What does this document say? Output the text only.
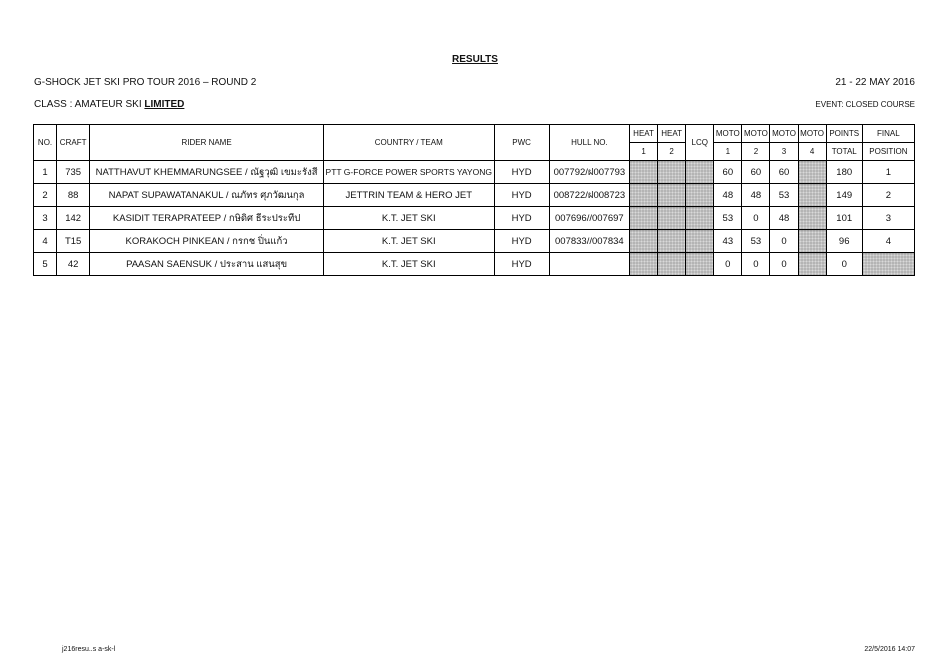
RESULTS
G-SHOCK JET SKI PRO TOUR 2016 – ROUND 2	21 - 22 MAY 2016
CLASS : AMATEUR SKI LIMITED	EVENT: CLOSED COURSE
NO.	CRAFT	RIDER NAME	COUNTRY / TEAM	PWC	HULL NO.	HEAT	HEAT	LCQ	MOTO	MOTO	MOTO	MOTO	POINTS	FINAL
						1	2		1	2	3	4	TOTAL	POSITION
1	735	NATTHAVUT KHEMMARUNGSEE / ณัฐวุฒิ เขมะรังสี	PTT G-FORCE POWER SPORTS YAYONG	HYD	007792/ฝ007793				60	60	60		180	1
2	88	NAPAT SUPAWATANAKUL / ณภัทร ศุภวัฒนกุล	JETTRIN TEAM & HERO JET	HYD	008722/ฝ008723				48	48	53		149	2
3	142	KASIDIT TERAPRATEEP / กษิดิศ ธีระประทีป	K.T. JET SKI	HYD	007696//007697				53	0	48		101	3
4	T15	KORAKOCH PINKEAN / กรกช ปิ่นแก้ว	K.T. JET SKI	HYD	007833//007834				43	53	0		96	4
5	42	PAASAN SAENSUK / ประสาน แสนสุข	K.T. JET SKI	HYD					0	0	0		0	
j216resu..s a-sk-l	22/5/2016 14:07
